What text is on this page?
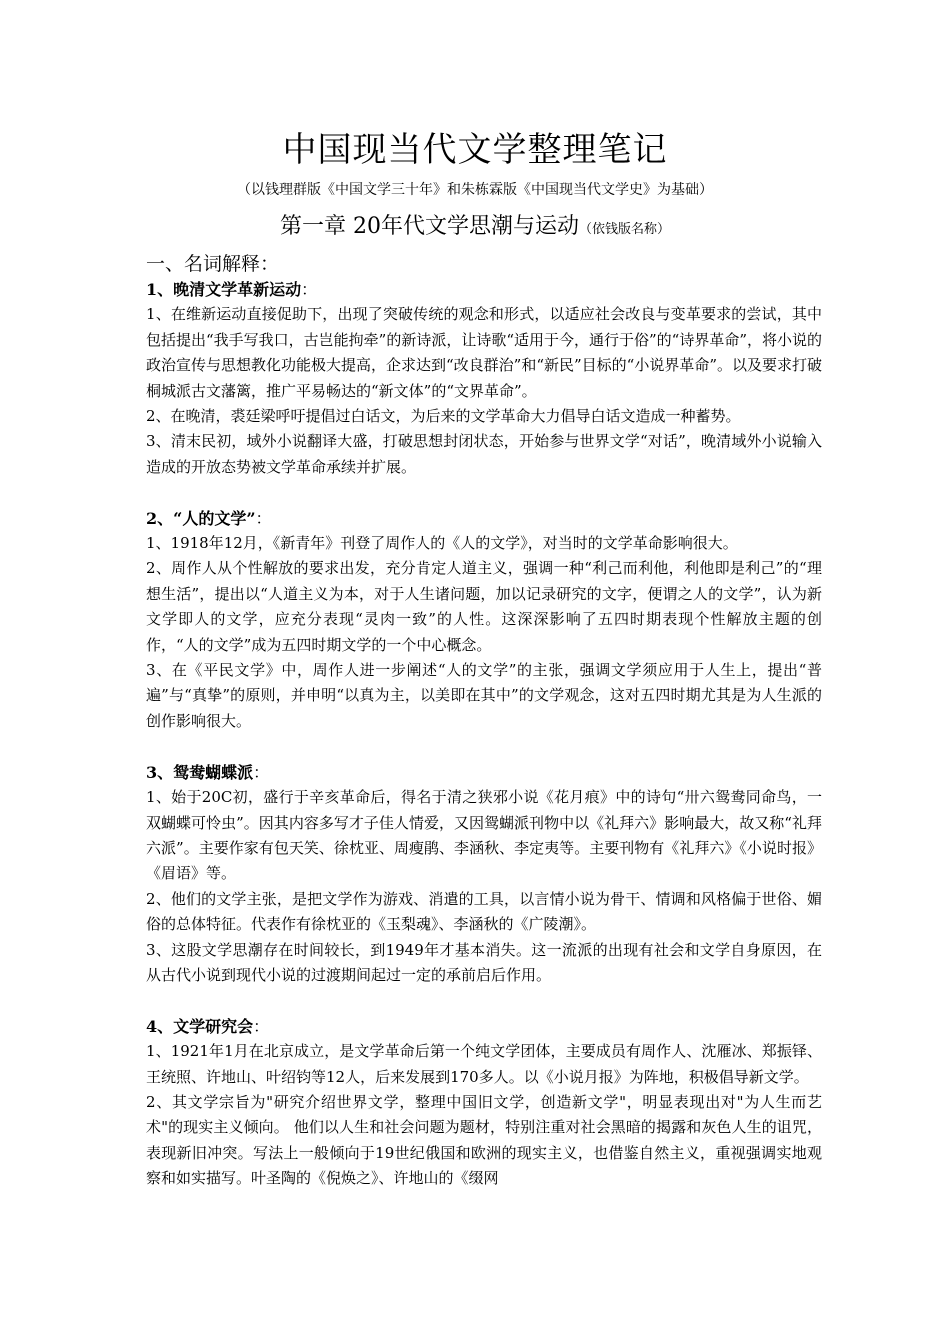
中国现当代文学整理笔记
（以钱理群版《中国文学三十年》和朱栋霖版《中国现当代文学史》为基础）
第一章 20年代文学思潮与运动（依钱版名称）

一、名词解释：

1、晚清文学革新运动：

1、在维新运动直接促助下，出现了突破传统的观念和形式，以适应社会改良与变革要求的尝试，其中包括提出“我手写我口，古岂能拘牵”的新诗派，让诗歌“适用于今，通行于俗”的“诗界革命”，将小说的政治宣传与思想教化功能极大提高，企求达到“改良群治”和“新民”目标的“小说界革命”。以及要求打破桐城派古文藩篱，推广平易畅达的“新文体”的“文界革命”。

2、在晚清，裘廷梁呼吁提倡过白话文，为后来的文学革命大力倡导白话文造成一种蓄势。

3、清末民初，域外小说翻译大盛，打破思想封闭状态，开始参与世界文学“对话”，晚清域外小说输入造成的开放态势被文学革命承续并扩展。

2、“人的文学”：

1、1918年12月，《新青年》刊登了周作人的《人的文学》，对当时的文学革命影响很大。

2、周作人从个性解放的要求出发，充分肯定人道主义，强调一种“利己而利他，利他即是利己”的“理想生活”，提出以“人道主义为本，对于人生诸问题，加以记录研究的文字，便谓之人的文学”，认为新文学即人的文学，应充分表现“灵肉一致”的人性。这深深影响了五四时期表现个性解放主题的创作，“人的文学”成为五四时期文学的一个中心概念。

3、在《平民文学》中，周作人进一步阐述“人的文学”的主张，强调文学须应用于人生上，提出“普遍”与“真挚”的原则，并申明“以真为主，以美即在其中”的文学观念，这对五四时期尤其是为人生派的创作影响很大。

3、鸳鸯蝴蝶派：

1、始于20C初，盛行于辛亥革命后，得名于清之狭邪小说《花月痕》中的诗句“卅六鸳鸯同命鸟，一双蝴蝶可怜虫”。因其内容多写才子佳人情爱，又因鸳蝴派刊物中以《礼拜六》影响最大，故又称“礼拜六派”。主要作家有包天笑、徐枕亚、周瘦鹃、李涵秋、李定夷等。主要刊物有《礼拜六》《小说时报》《眉语》等。

2、他们的文学主张，是把文学作为游戏、消遣的工具，以言情小说为骨干、情调和风格偏于世俗、媚俗的总体特征。代表作有徐枕亚的《玉梨魂》、李涵秋的《广陵潮》。

3、这股文学思潮存在时间较长，到1949年才基本消失。这一流派的出现有社会和文学自身原因，在从古代小说到现代小说的过渡期间起过一定的承前启后作用。

4、文学研究会：

1、1921年1月在北京成立，是文学革命后第一个纯文学团体，主要成员有周作人、沈雁冰、郑振铎、王统照、许地山、叶绍钧等12人，后来发展到170多人。以《小说月报》为阵地，积极倡导新文学。

2、其文学宗旨为"研究介绍世界文学，整理中国旧文学，创造新文学"，明显表现出对"为人生而艺术"的现实主义倾向。 他们以人生和社会问题为题材，特别注重对社会黑暗的揭露和灰色人生的诅咒，表现新旧冲突。写法上一般倾向于19世纪俄国和欧洲的现实主义，也借鉴自然主义，重视强调实地观察和如实描写。叶圣陶的《倪焕之》、许地山的《缀网
